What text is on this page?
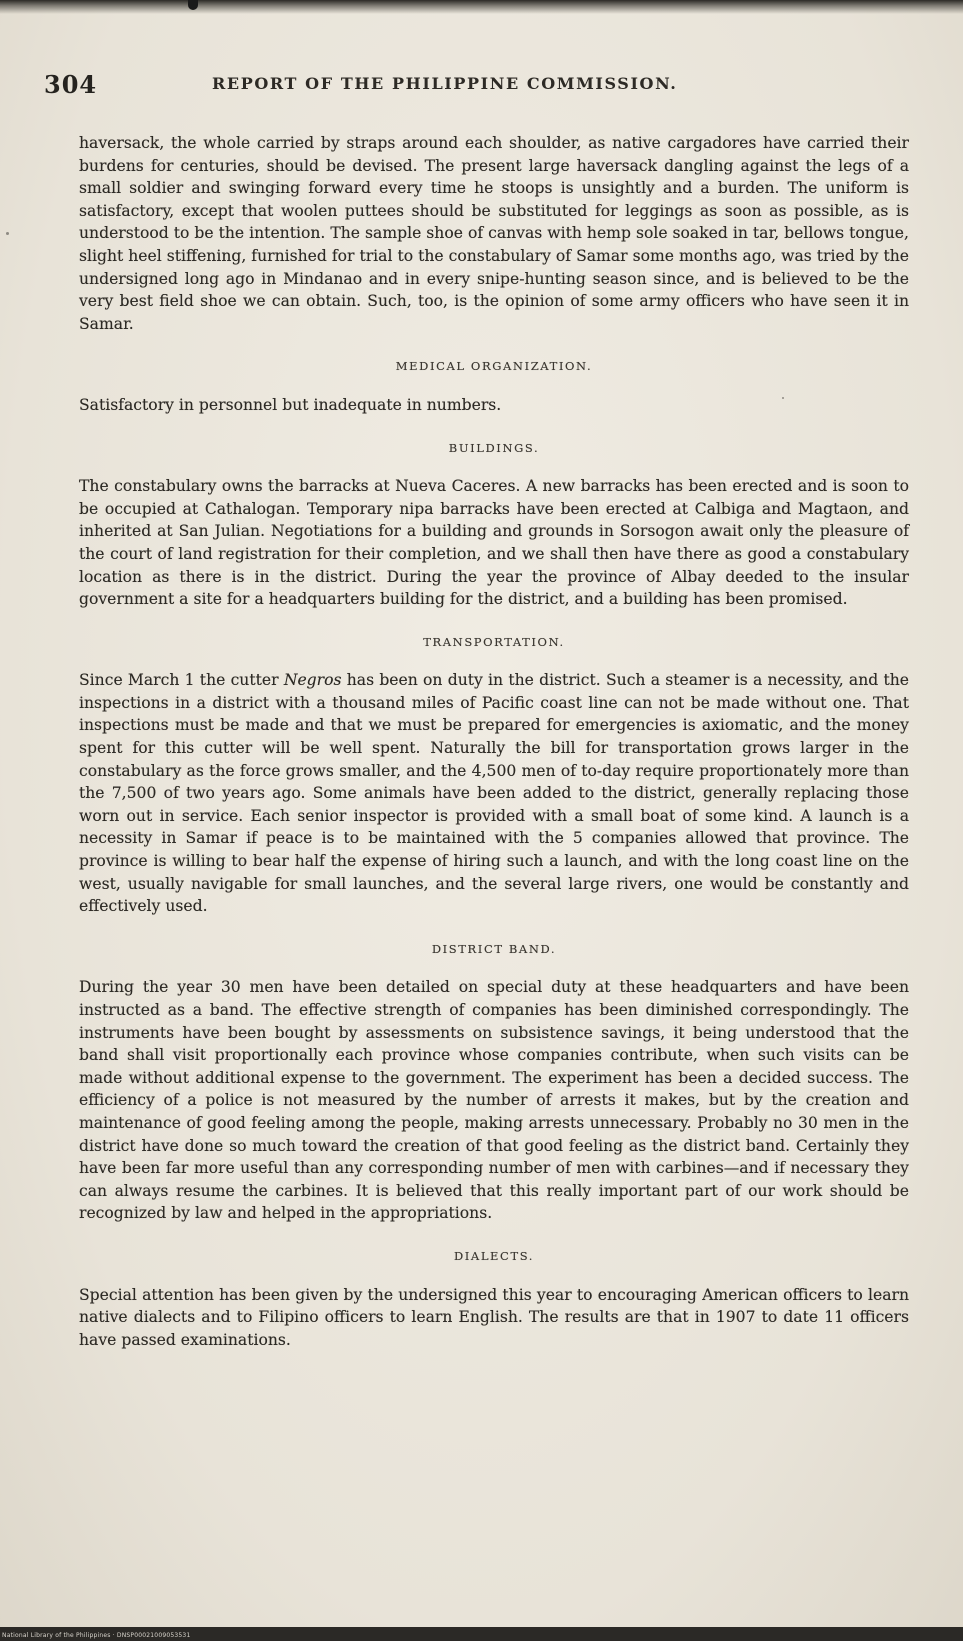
304	REPORT OF THE PHILIPPINE COMMISSION.

haversack, the whole carried by straps around each shoulder, as native cargadores have carried their burdens for centuries, should be devised. The present large haversack dangling against the legs of a small soldier and swinging forward every time he stoops is unsightly and a burden. The uniform is satisfactory, except that woolen puttees should be substituted for leggings as soon as possible, as is understood to be the intention. The sample shoe of canvas with hemp sole soaked in tar, bellows tongue, slight heel stiffening, furnished for trial to the constabulary of Samar some months ago, was tried by the undersigned long ago in Mindanao and in every snipe-hunting season since, and is believed to be the very best field shoe we can obtain. Such, too, is the opinion of some army officers who have seen it in Samar.

MEDICAL ORGANIZATION.

Satisfactory in personnel but inadequate in numbers.

BUILDINGS.

The constabulary owns the barracks at Nueva Caceres. A new barracks has been erected and is soon to be occupied at Cathalogan. Temporary nipa barracks have been erected at Calbiga and Magtaon, and inherited at San Julian. Negotiations for a building and grounds in Sorsogon await only the pleasure of the court of land registration for their completion, and we shall then have there as good a constabulary location as there is in the district. During the year the province of Albay deeded to the insular government a site for a headquarters building for the district, and a building has been promised.

TRANSPORTATION.

Since March 1 the cutter Negros has been on duty in the district. Such a steamer is a necessity, and the inspections in a district with a thousand miles of Pacific coast line can not be made without one. That inspections must be made and that we must be prepared for emergencies is axiomatic, and the money spent for this cutter will be well spent. Naturally the bill for transportation grows larger in the constabulary as the force grows smaller, and the 4,500 men of to-day require proportionately more than the 7,500 of two years ago. Some animals have been added to the district, generally replacing those worn out in service. Each senior inspector is provided with a small boat of some kind. A launch is a necessity in Samar if peace is to be maintained with the 5 companies allowed that province. The province is willing to bear half the expense of hiring such a launch, and with the long coast line on the west, usually navigable for small launches, and the several large rivers, one would be constantly and effectively used.

DISTRICT BAND.

During the year 30 men have been detailed on special duty at these headquarters and have been instructed as a band. The effective strength of companies has been diminished correspondingly. The instruments have been bought by assessments on subsistence savings, it being understood that the band shall visit proportionally each province whose companies contribute, when such visits can be made without additional expense to the government. The experiment has been a decided success. The efficiency of a police is not measured by the number of arrests it makes, but by the creation and maintenance of good feeling among the people, making arrests unnecessary. Probably no 30 men in the district have done so much toward the creation of that good feeling as the district band. Certainly they have been far more useful than any corresponding number of men with carbines—and if necessary they can always resume the carbines. It is believed that this really important part of our work should be recognized by law and helped in the appropriations.

DIALECTS.

Special attention has been given by the undersigned this year to encouraging American officers to learn native dialects and to Filipino officers to learn English. The results are that in 1907 to date 11 officers have passed examinations.

National Library of the Philippines · DNSP00021009053531
